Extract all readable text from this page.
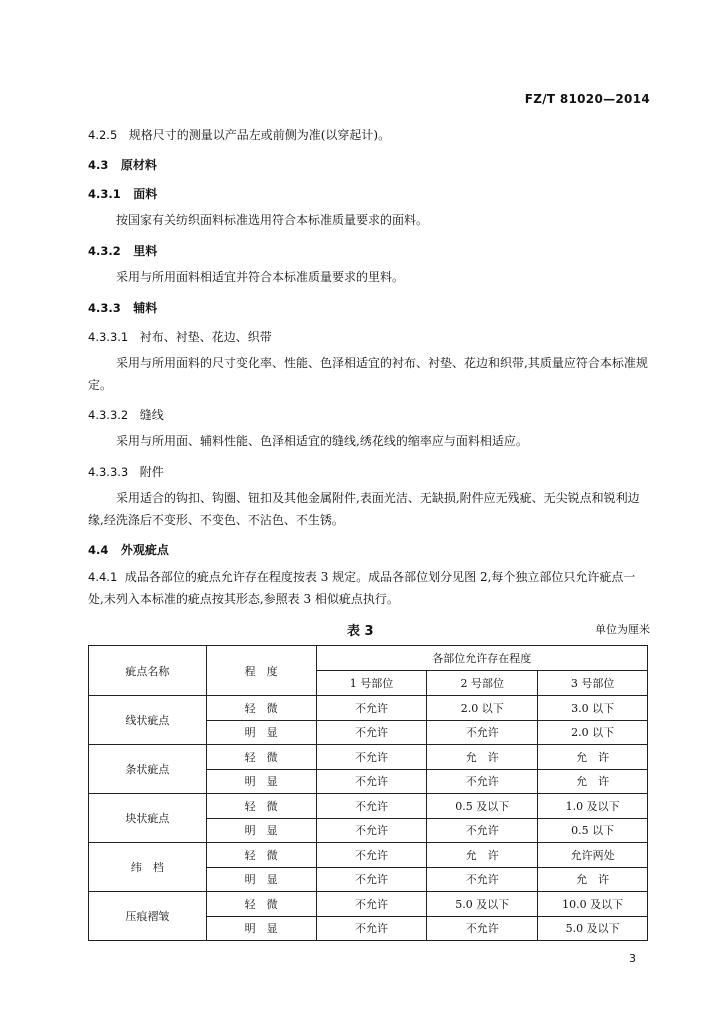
FZ/T 81020—2014
4.2.5 规格尺寸的测量以产品左或前侧为准(以穿起计)。
4.3 原材料
4.3.1 面料

按国家有关纺织面料标准选用符合本标准质量要求的面料。

4.3.2 里料

采用与所用面料相适宜并符合本标准质量要求的里料。

4.3.3 辅料
4.3.3.1 衬布、衬垫、花边、织带

采用与所用面料的尺寸变化率、性能、色泽相适宜的衬布、衬垫、花边和织带,其质量应符合本标准规定。

4.3.3.2 缝线

采用与所用面、辅料性能、色泽相适宜的缝线,绣花线的缩率应与面料相适应。

4.3.3.3 附件

采用适合的钩扣、钩圈、钮扣及其他金属附件,表面光洁、无缺损,附件应无残疵、无尖锐点和锐利边缘,经洗涤后不变形、不变色、不沾色、不生锈。

4.4 外观疵点

4.4.1 成品各部位的疵点允许存在程度按表 3 规定。成品各部位划分见图 2,每个独立部位只允许疵点一处,未列入本标准的疵点按其形态,参照表 3 相似疵点执行。

表 3	单位为厘米
疵点名称	程　度	各部位允许存在程度		
		1 号部位	2 号部位	3 号部位
线状疵点	轻　微	不允许	2.0 以下	3.0 以下
	明　显	不允许	不允许	2.0 以下
条状疵点	轻　微	不允许	允　许	允　许
	明　显	不允许	不允许	允　许
块状疵点	轻　微	不允许	0.5 及以下	1.0 及以下
	明　显	不允许	不允许	0.5 以下
纬　档	轻　微	不允许	允　许	允许两处
	明　显	不允许	不允许	允　许
压痕褶皱	轻　微	不允许	5.0 及以下	10.0 及以下
	明　显	不允许	不允许	5.0 及以下
3
